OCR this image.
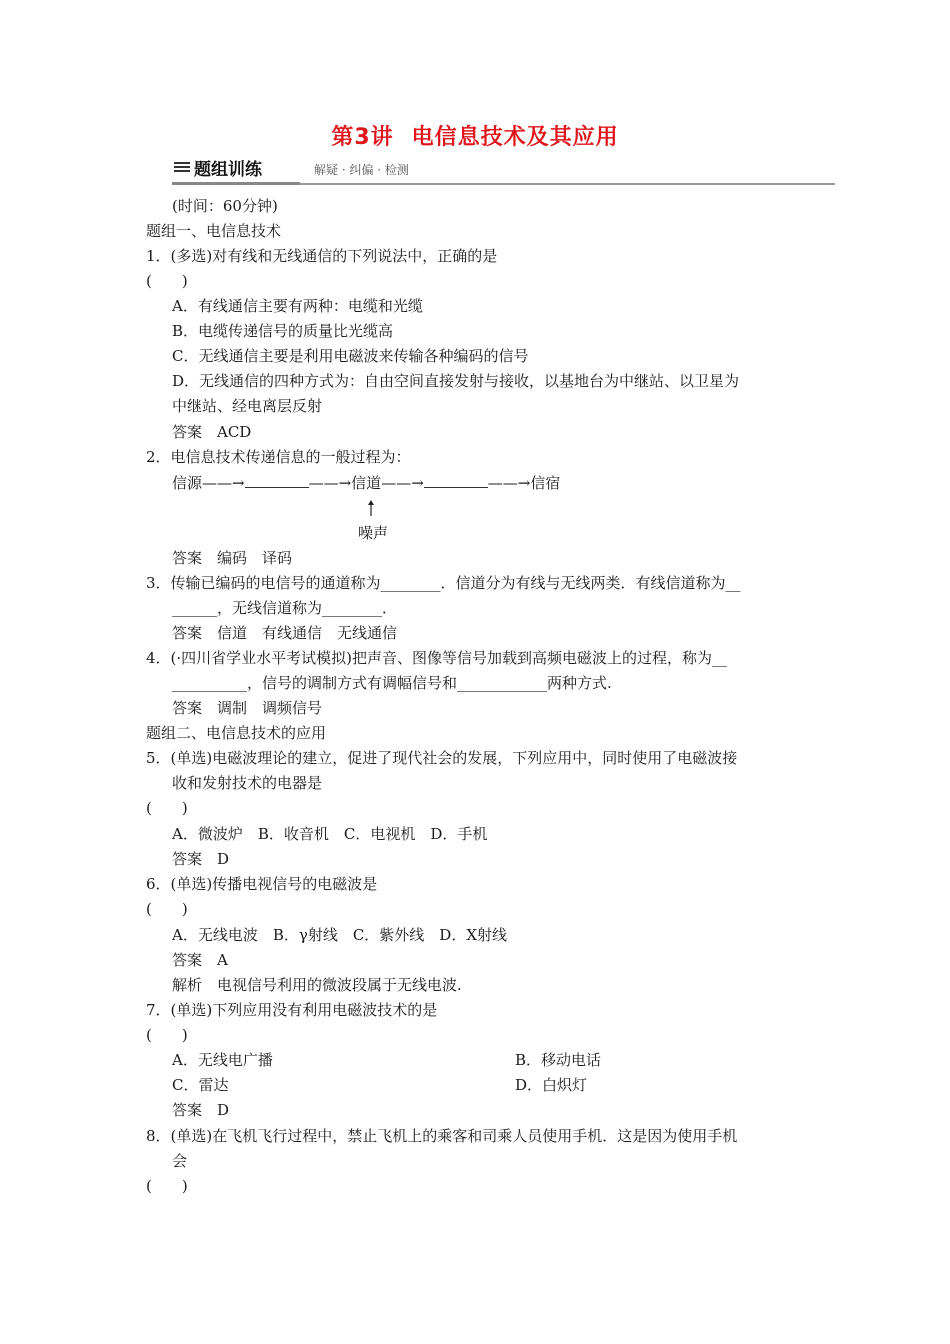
第3讲 电信息技术及其应用
题组训练	解疑 · 纠偏 · 检测
(时间：60分钟)
题组一、电信息技术
1．(多选)对有线和无线通信的下列说法中，正确的是
(　　)
A．有线通信主要有两种：电缆和光缆
B．电缆传递信号的质量比光缆高
C．无线通信主要是利用电磁波来传输各种编码的信号
D．无线通信的四种方式为：自由空间直接发射与接收，以基地台为中继站、以卫星为
中继站、经电离层反射
答案　ACD
2．电信息技术传递信息的一般过程为：
信源——→	——→信道——→	——→信宿
噪声
答案　编码　译码
3．传输已编码的电信号的通道称为________．信道分为有线与无线两类．有线信道称为__
______，无线信道称为________．
答案　信道　有线通信　无线通信
4．(·四川省学业水平考试模拟)把声音、图像等信号加载到高频电磁波上的过程，称为__
__________，信号的调制方式有调幅信号和____________两种方式.
答案　调制　调频信号
题组二、电信息技术的应用
5．(单选)电磁波理论的建立，促进了现代社会的发展，下列应用中，同时使用了电磁波接
收和发射技术的电器是
(　　)
A．微波炉　B．收音机　C．电视机　D．手机
答案　D
6．(单选)传播电视信号的电磁波是
(　　)
A．无线电波　B．γ射线　C．紫外线　D．X射线
答案　A
解析　电视信号利用的微波段属于无线电波.
7．(单选)下列应用没有利用电磁波技术的是
(　　)
A．无线电广播	B．移动电话
C．雷达	D．白炽灯
答案　D
8．(单选)在飞机飞行过程中，禁止飞机上的乘客和司乘人员使用手机．这是因为使用手机
会
(　　)
